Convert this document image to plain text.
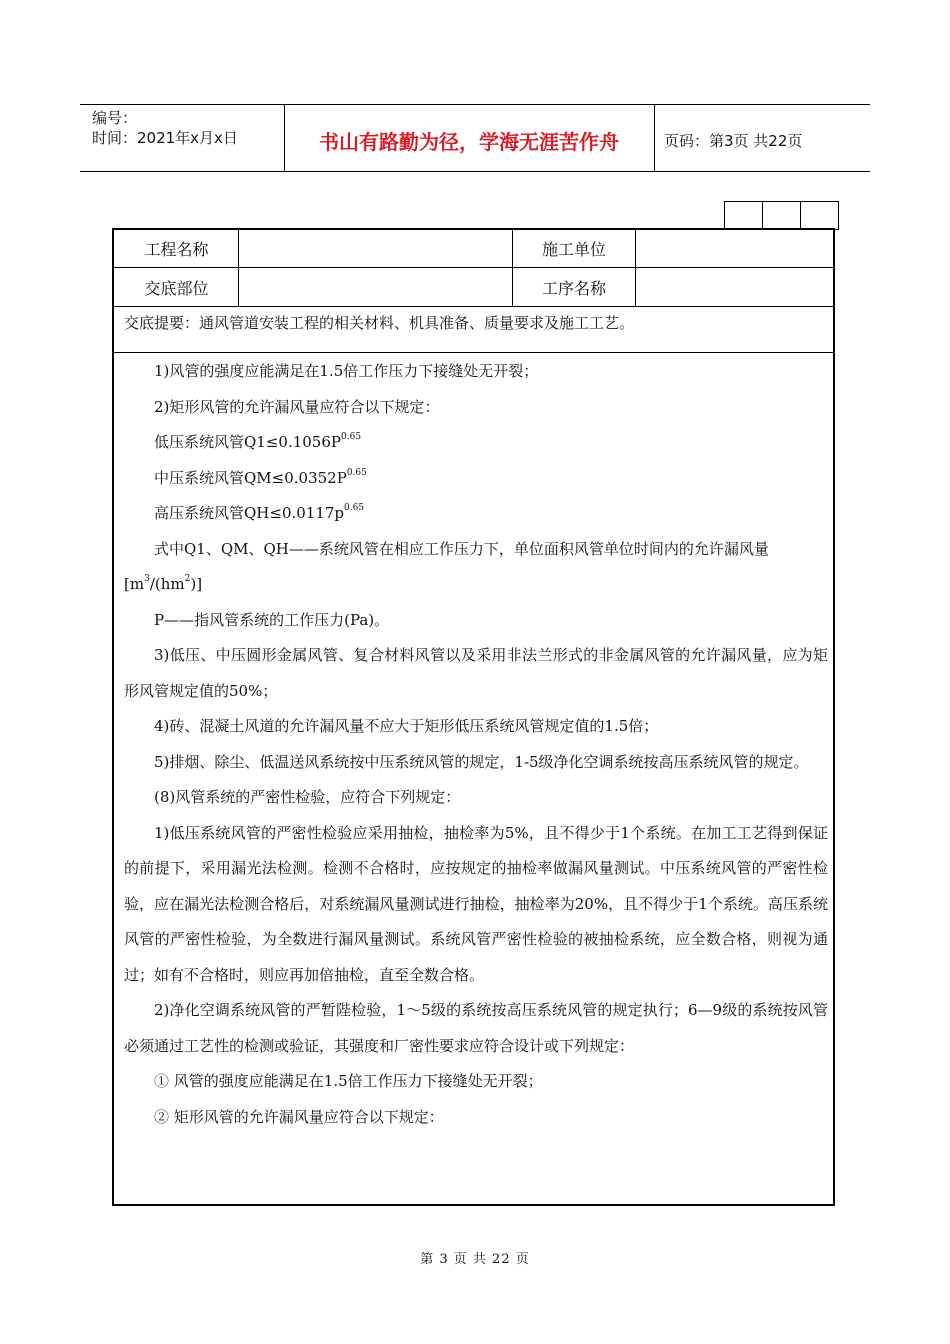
编号：
时间：2021年x月x日	书山有路勤为径，学海无涯苦作舟	页码：第3页 共22页
工程名称	施工单位
交底部位	工序名称
交底提要：通风管道安装工程的相关材料、机具准备、质量要求及施工工艺。

1)风管的强度应能满足在1.5倍工作压力下接缝处无开裂；

2)矩形风管的允许漏风量应符合以下规定：

低压系统风管$Q1\le 0.1056P^{0.65}$

中压系统风管$QM\le 0.0352P^{0.65}$

高压系统风管$QH\le 0.0117p^{0.65}$

式中Q1、QM、QH——系统风管在相应工作压力下，单位面积风管单位时间内的允许漏风量

$[m^3/(hm^2)]$

P——指风管系统的工作压力(Pa)。

3)低压、中压圆形金属风管、复合材料风管以及采用非法兰形式的非金属风管的允许漏风量，应为矩形风管规定值的50%；

4)砖、混凝土风道的允许漏风量不应大于矩形低压系统风管规定值的1.5倍；

5)排烟、除尘、低温送风系统按中压系统风管的规定，1-5级净化空调系统按高压系统风管的规定。

(8)风管系统的严密性检验，应符合下列规定：

1)低压系统风管的严密性检验应采用抽检，抽检率为5%，且不得少于1个系统。在加工工艺得到保证的前提下，采用漏光法检测。检测不合格时，应按规定的抽检率做漏风量测试。中压系统风管的严密性检验，应在漏光法检测合格后，对系统漏风量测试进行抽检，抽检率为20%，且不得少于1个系统。高压系统风管的严密性检验，为全数进行漏风量测试。系统风管严密性检验的被抽检系统，应全数合格，则视为通过；如有不合格时，则应再加倍抽检，直至全数合格。

2)净化空调系统风管的严暂陛检验，1～5级的系统按高压系统风管的规定执行；6—9级的系统按风管必须通过工艺性的检测或验证，其强度和厂密性要求应符合设计或下列规定：

① 风管的强度应能满足在1.5倍工作压力下接缝处无开裂；

② 矩形风管的允许漏风量应符合以下规定：

第 3 页 共 22 页
